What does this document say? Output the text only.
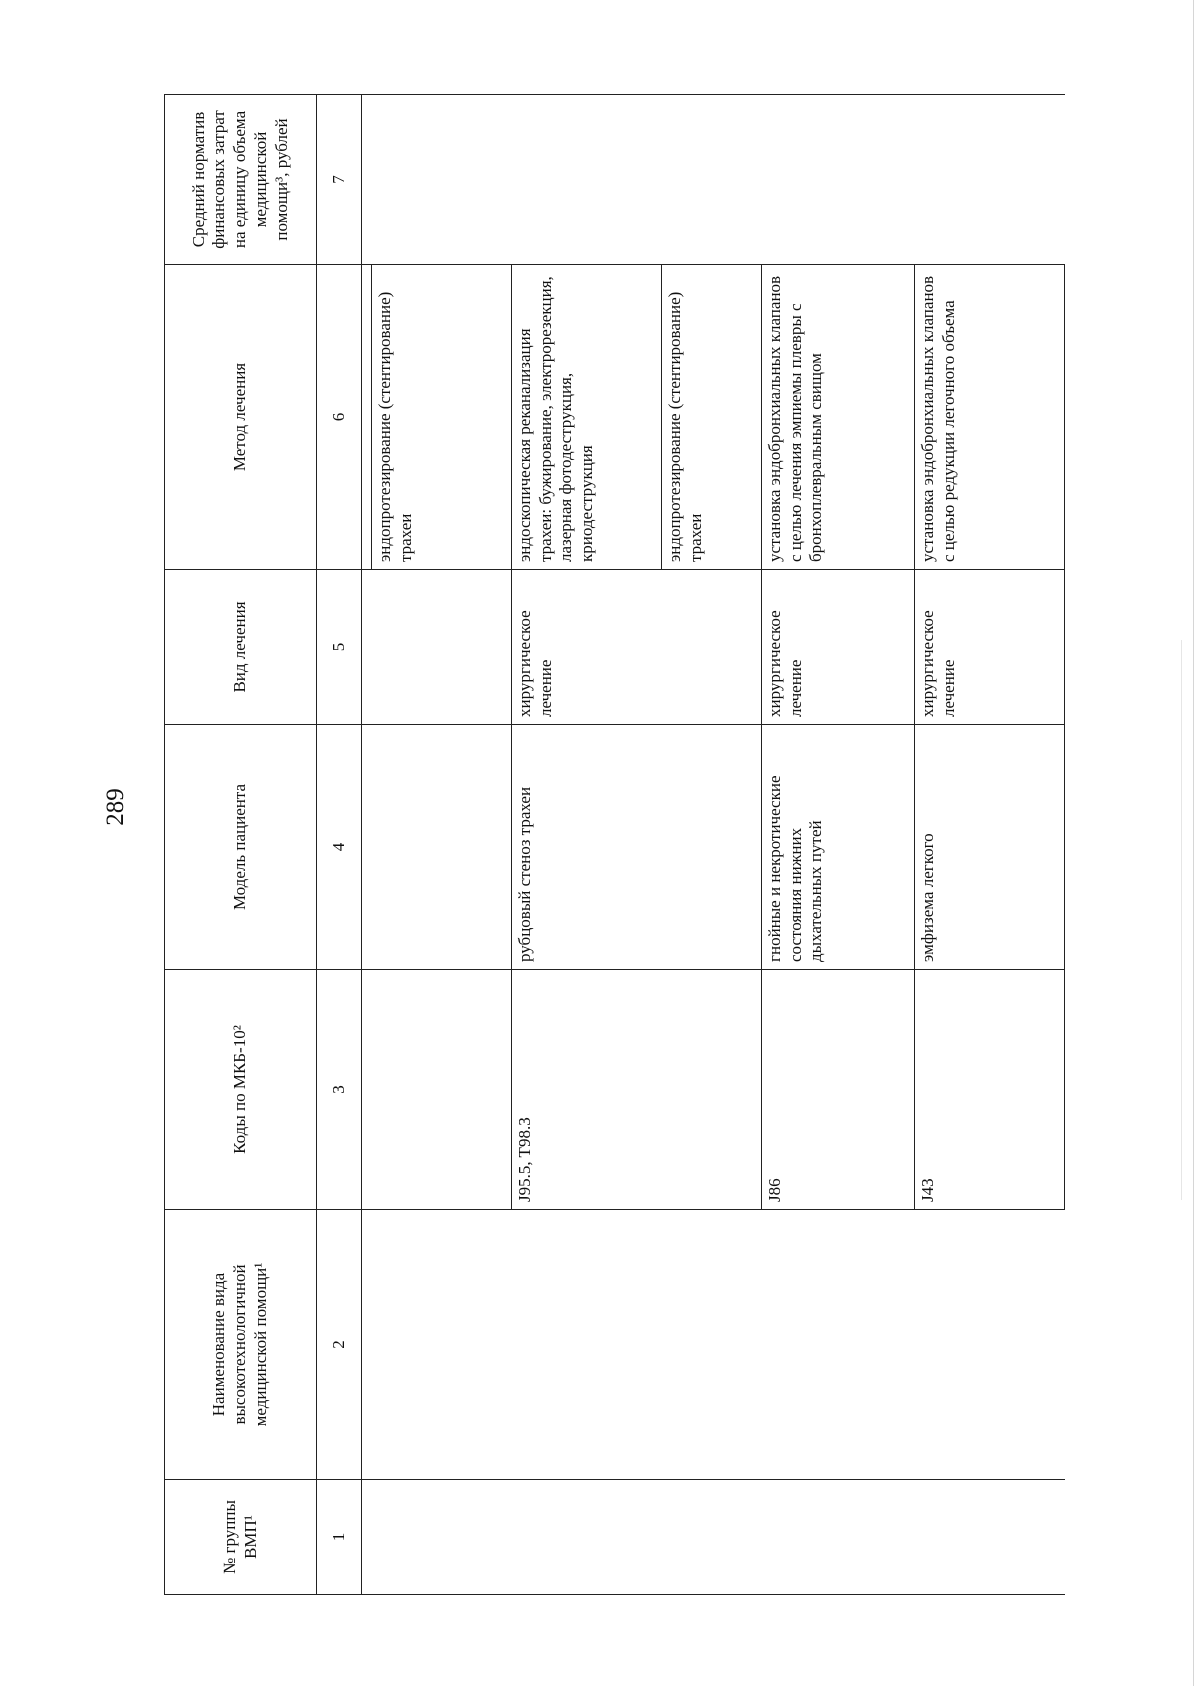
289
№ группы ВМП¹	Наименование вида высокотехнологичной медицинской помощи¹	Коды по МКБ-10²	Модель пациента	Вид лечения	Метод лечения	Средний норматив финансовых затрат на единицу объема медицинской помощи³, рублей
1	2	3	4	5	6	7

					эндопротезирование (стентирование) трахеи	
		J95.5, T98.3	рубцовый стеноз трахеи	хирургическое лечение	эндоскопическая реканализация трахеи: бужирование, электрорезекция, лазерная фотодеструкция, криодеструкция	
					эндопротезирование (стентирование) трахеи	
		J86	гнойные и некротические состояния нижних дыхательных путей	хирургическое лечение	установка эндобронхиальных клапанов с целью лечения эмпиемы плевры с бронхоплевральным свищом	
		J43	эмфизема легкого	хирургическое лечение	установка эндобронхиальных клапанов с целью редукции легочного объема	
